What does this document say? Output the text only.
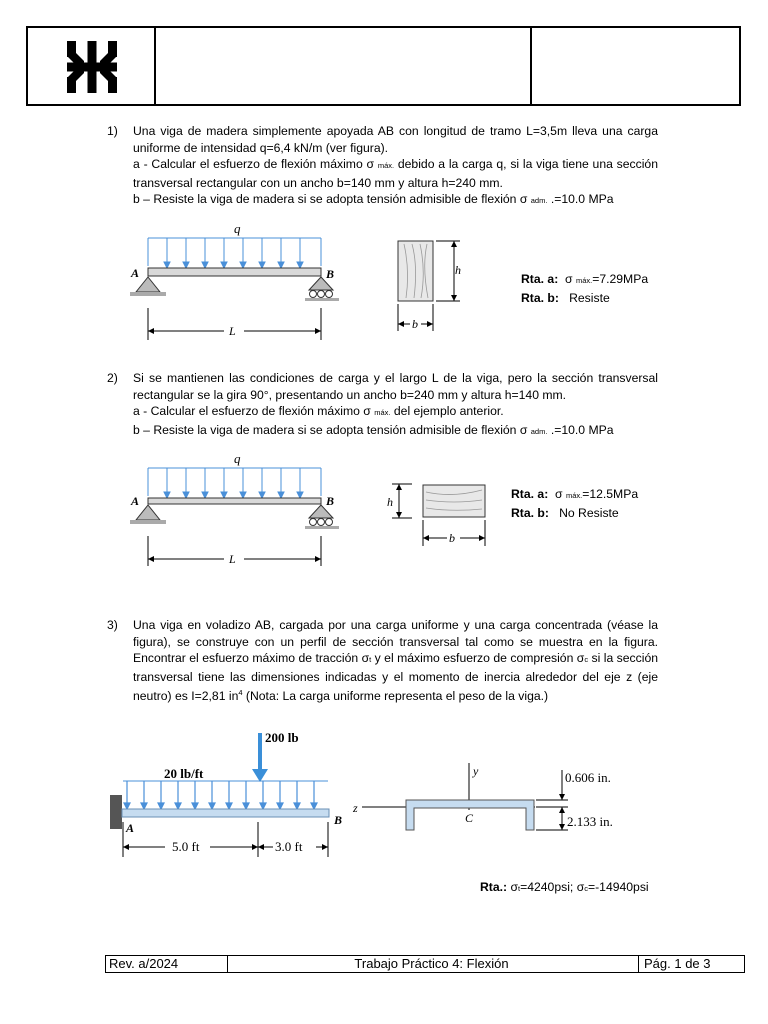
1) Una viga de madera simplemente apoyada AB con longitud de tramo L=3,5m lleva una carga uniforme de intensidad q=6,4 kN/m (ver figura).

a - Calcular el esfuerzo de flexión máximo σ máx. debido a la carga q, si la viga tiene una sección transversal rectangular con un ancho b=140 mm y altura h=240 mm.

b – Resiste la viga de madera si se adopta tensión admisible de flexión σ adm. .=10.0 MPa

q
A	B
L
h
b
Rta. a: σ máx.=7.29MPa
Rta. b: Resiste
2) Si se mantienen las condiciones de carga y el largo L de la viga, pero la sección transversal rectangular se la gira 90°, presentando un ancho b=240 mm y altura h=140 mm.

a - Calcular el esfuerzo de flexión máximo σ máx. del ejemplo anterior.

b – Resiste la viga de madera si se adopta tensión admisible de flexión σ adm. .=10.0 MPa

q
A	B
L
h
b
Rta. a: σ máx.=12.5MPa
Rta. b: No Resiste
3) Una viga en voladizo AB, cargada por una carga uniforme y una carga concentrada (véase la figura), se construye con un perfil de sección transversal tal como se muestra en la figura. Encontrar el esfuerzo máximo de tracción σt y el máximo esfuerzo de compresión σc si la sección transversal tiene las dimensiones indicadas y el momento de inercia alrededor del eje z (eje neutro) es I=2,81 $in^4$ (Nota: La carga uniforme representa el peso de la viga.)

200 lb
20 lb/ft
A
B
5.0 ft	3.0 ft
y
z
C
0.606 in.
2.133 in.
Rta.: σt=4240psi; σc=-14940psi
Rev. a/2024	Trabajo Práctico 4: Flexión	Pág. 1 de 3
